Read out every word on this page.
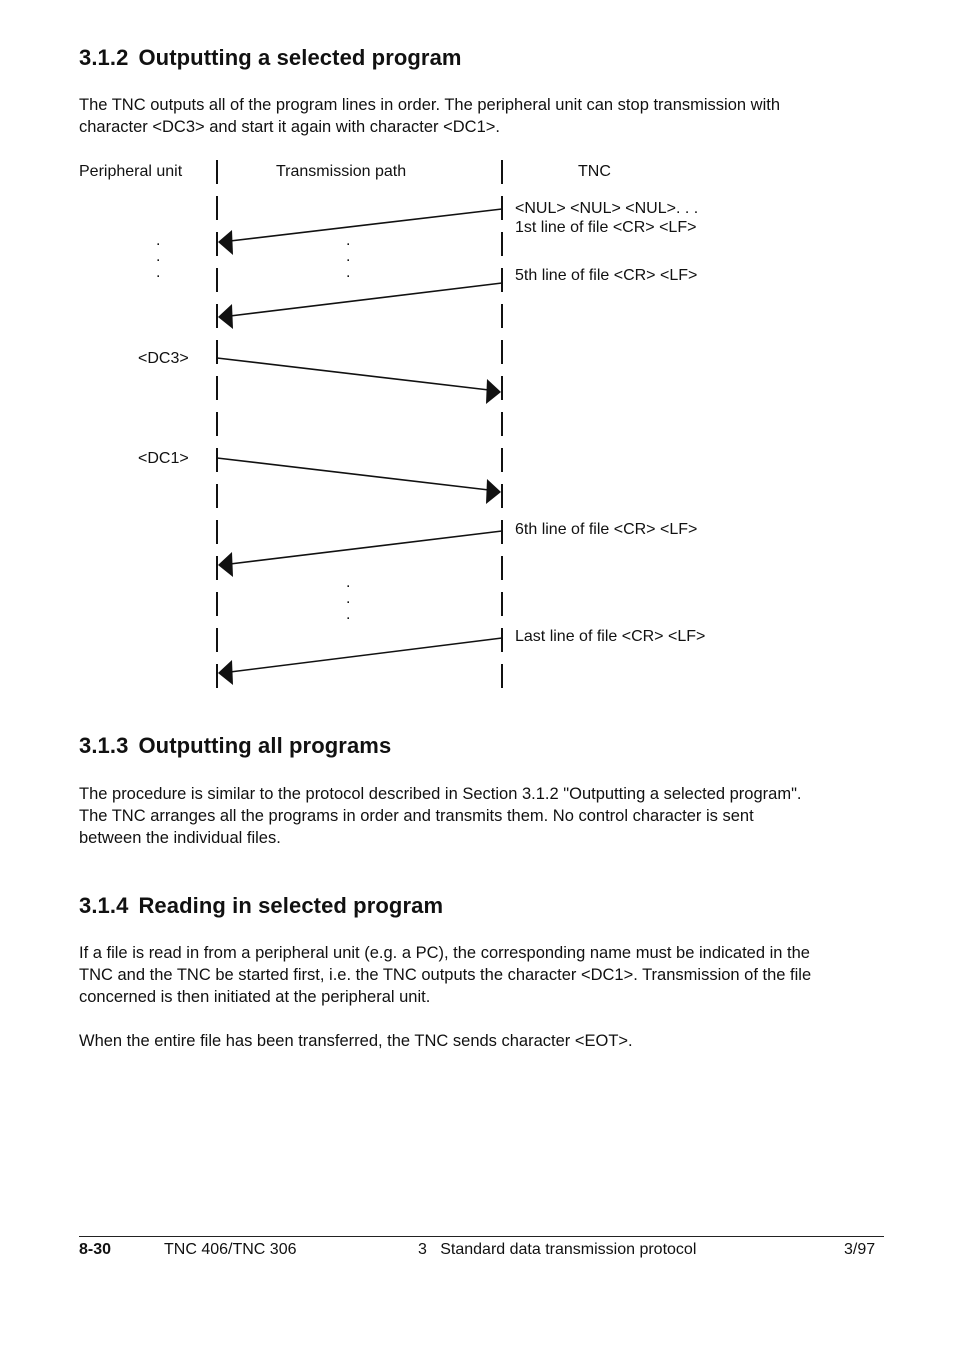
3.1.2 Outputting a selected program

The TNC outputs all of the program lines in order. The peripheral unit can stop transmission with
character <DC3> and start it again with character <DC1>.

Peripheral unit	Transmission path	TNC
<NUL> <NUL> <NUL>. . .
1st line of file <CR> <LF>
5th line of file <CR> <LF>
<DC3>
<DC1>
6th line of file <CR> <LF>
Last line of file <CR> <LF>
.
.
.
.
.
.
.
.
.
3.1.3 Outputting all programs

The procedure is similar to the protocol described in Section 3.1.2 "Outputting a selected program".
The TNC arranges all the programs in order and transmits them. No control character is sent
between the individual files.

3.1.4 Reading in selected program

If a file is read in from a peripheral unit (e.g. a PC), the corresponding name must be indicated in the
TNC and the TNC be started first, i.e. the TNC outputs the character <DC1>. Transmission of the file
concerned is then initiated at the peripheral unit.

When the entire file has been transferred, the TNC sends character <EOT>.

8-30	TNC 406/TNC 306	3   Standard data transmission protocol	3/97
